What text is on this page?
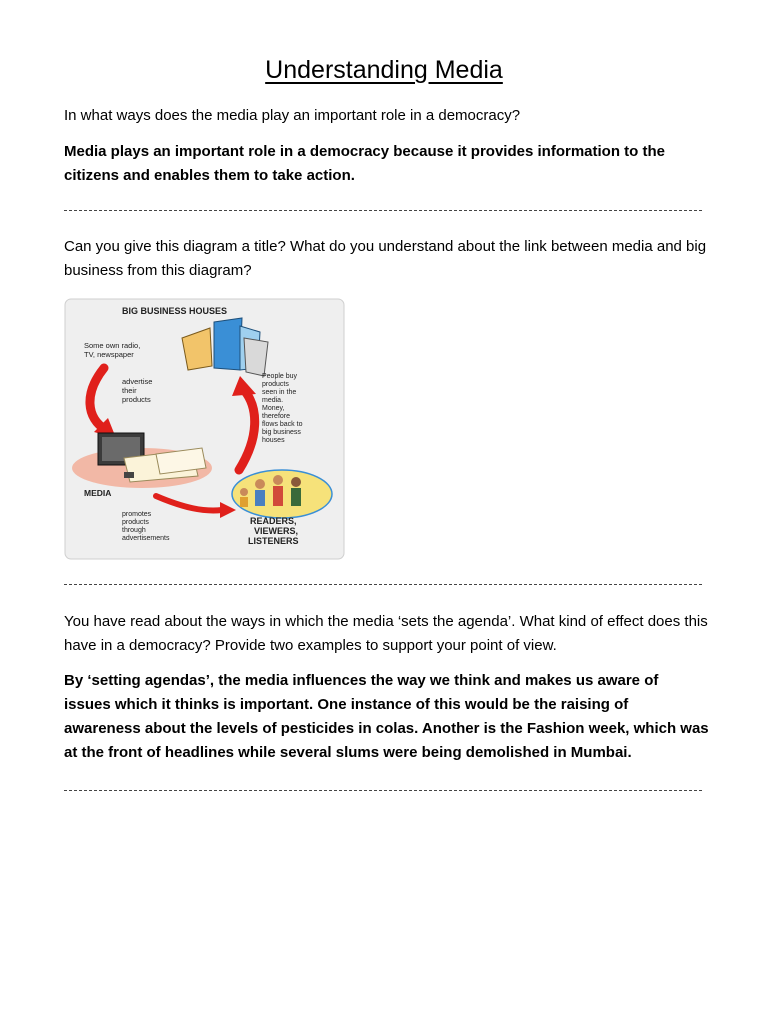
Understanding Media
In what ways does the media play an important role in a democracy?
Media plays an important role in a democracy because it provides information to the citizens and enables them to take action.
Can you give this diagram a title? What do you understand about the link between media and big business from this diagram?
BIG BUSINESS HOUSES
Some own radio,
TV, newspaper
advertise
their
products
People buy
products
seen in the
media.
Money,
therefore
flows back to
big business
houses
MEDIA
promotes
products
through
advertisements
READERS,
VIEWERS,
LISTENERS
You have read about the ways in which the media ‘sets the agenda’. What kind of effect does this have in a democracy? Provide two examples to support your point of view.
By ‘setting agendas’, the media influences the way we think and makes us aware of issues which it thinks is important. One instance of this would be the raising of awareness about the levels of pesticides in colas. Another is the Fashion week, which was at the front of headlines while several slums were being demolished in Mumbai.
